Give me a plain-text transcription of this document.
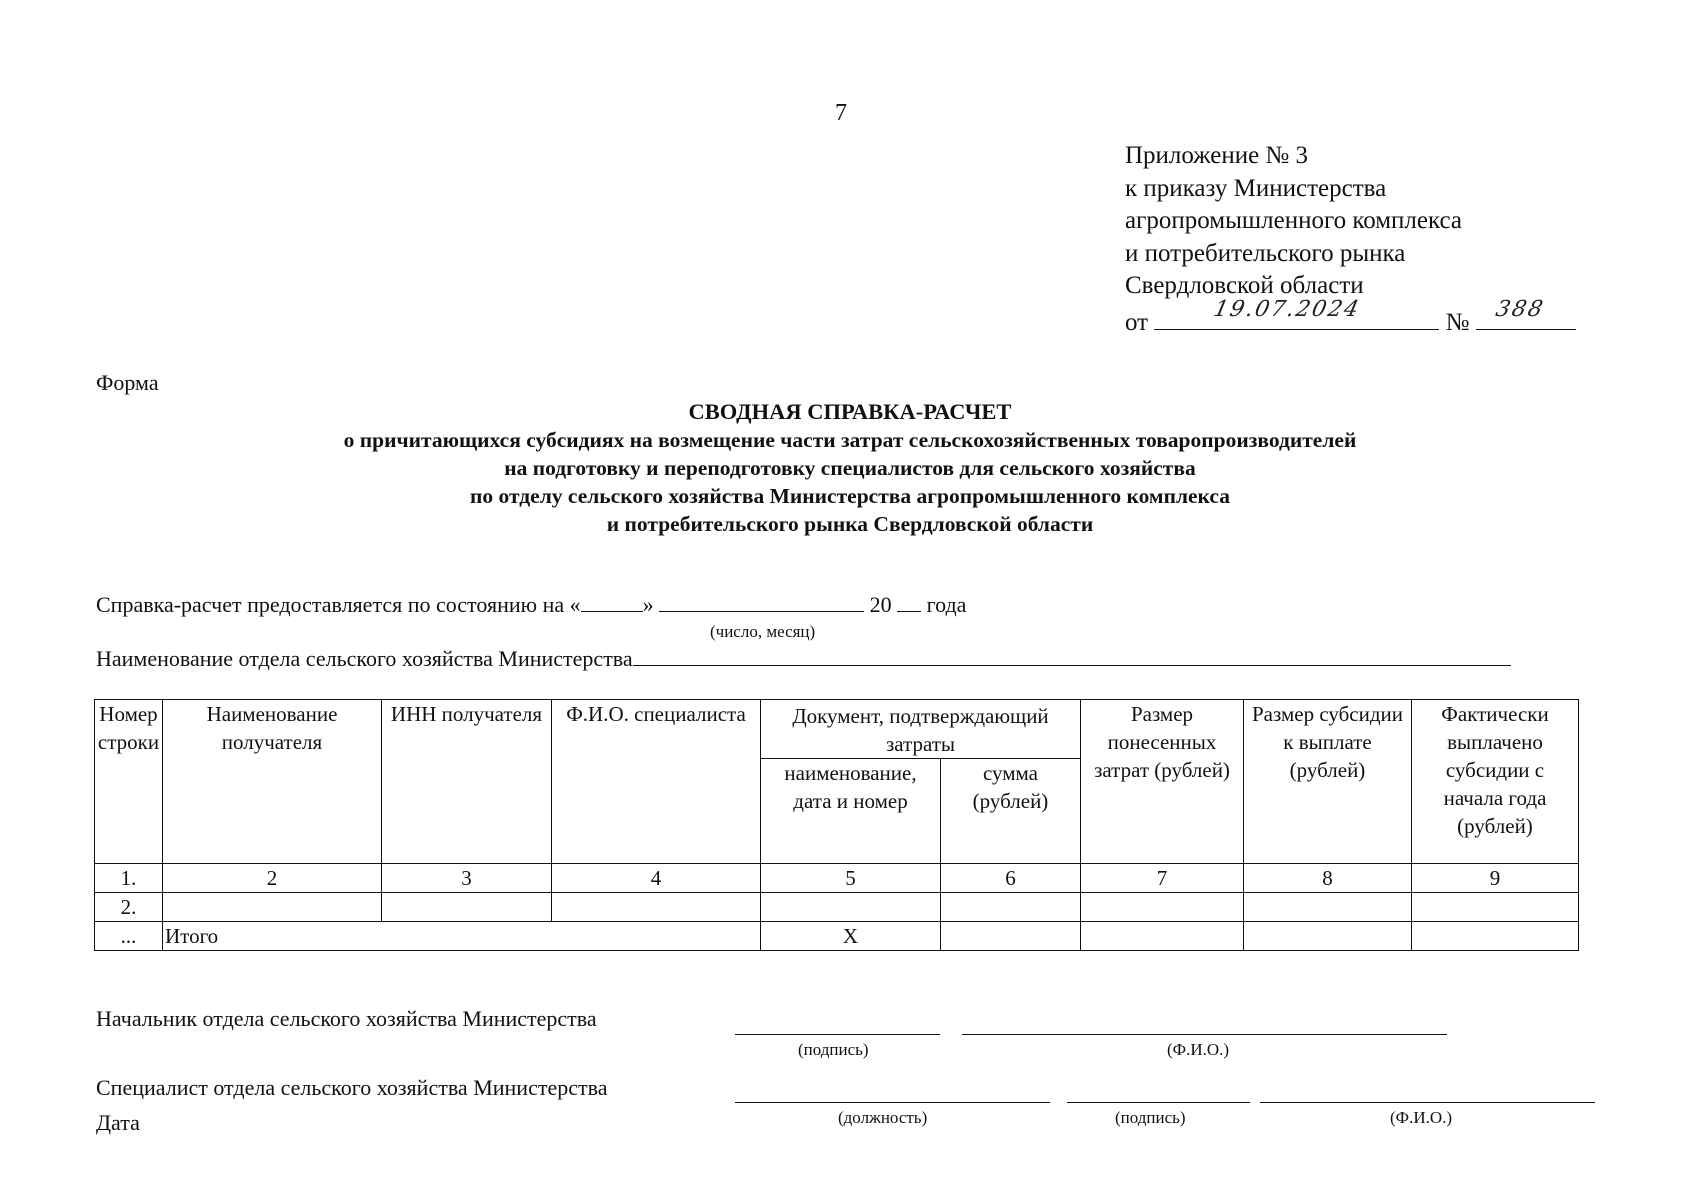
7
Приложение № 3
к приказу Министерства
агропромышленного комплекса
и потребительского рынка
Свердловской области
от	19.07.2024	№ 388
Форма
СВОДНАЯ СПРАВКА-РАСЧЕТ
о причитающихся субсидиях на возмещение части затрат сельскохозяйственных товаропроизводителей
на подготовку и переподготовку специалистов для сельского хозяйства
по отделу сельского хозяйства Министерства агропромышленного комплекса
и потребительского рынка Свердловской области
Справка-расчет предоставляется по состоянию на «	»	20 года
(число, месяц)
Наименование отдела сельского хозяйства Министерства
Номер строки	Наименование получателя	ИНН получателя	Ф.И.О. специалиста	Документ, подтверждающий затраты		Размер понесенных затрат (рублей)	Размер субсидии к выплате (рублей)	Фактически выплачено субсидии с начала года (рублей)
				наименование, дата и номер	сумма (рублей)			
1.	2	3	4	5	6	7	8	9
2.								
...	Итого			Х				
Начальник отдела сельского хозяйства Министерства
(подпись)	(Ф.И.О.)
Специалист отдела сельского хозяйства Министерства
Дата	(должность)	(подпись)	(Ф.И.О.)
